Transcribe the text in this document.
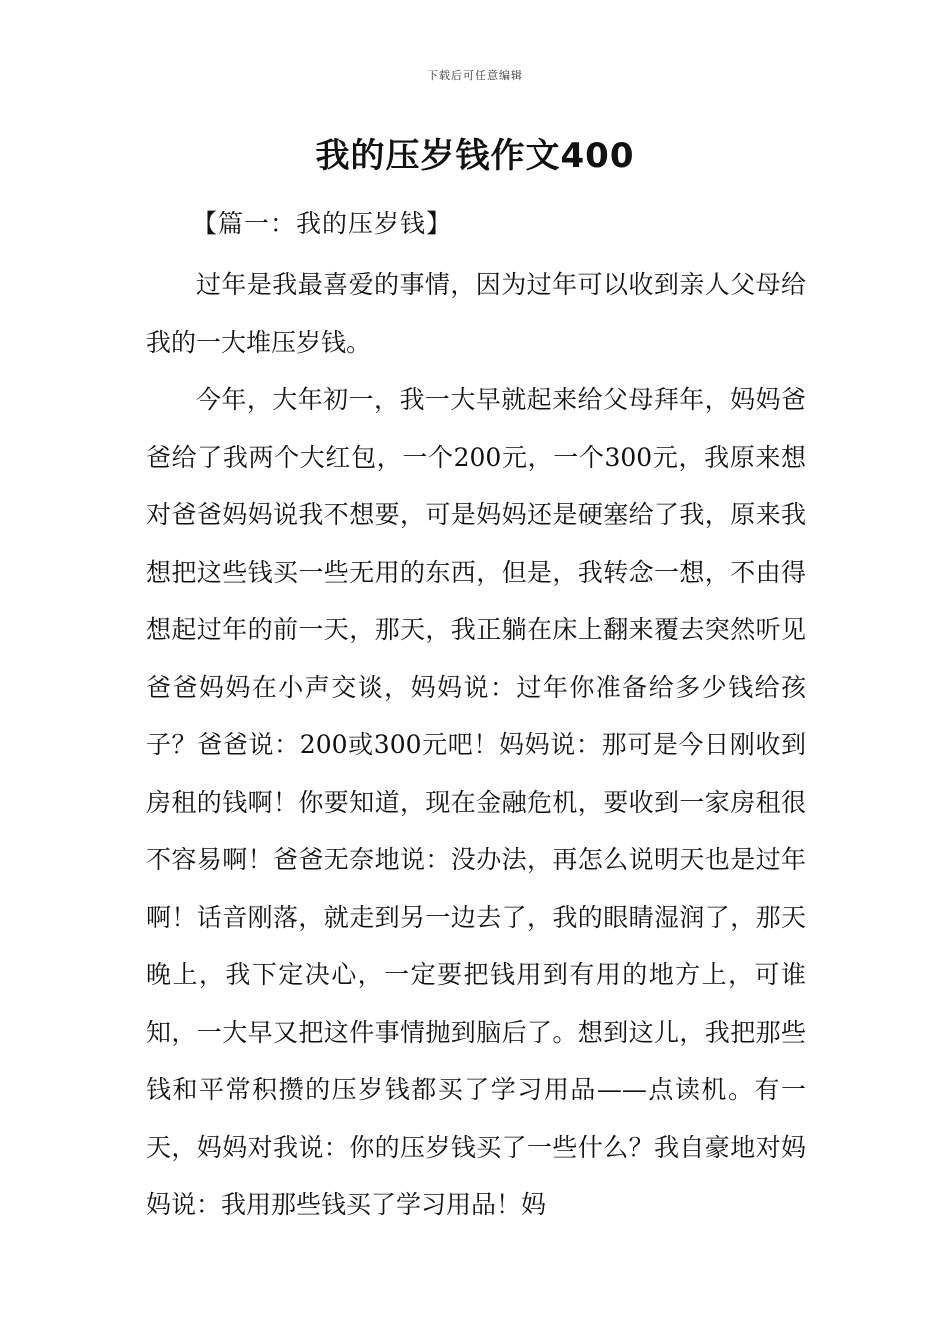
下载后可任意编辑
我的压岁钱作文400
【篇一：我的压岁钱】

过年是我最喜爱的事情，因为过年可以收到亲人父母给我的一大堆压岁钱。

今年，大年初一，我一大早就起来给父母拜年，妈妈爸爸给了我两个大红包，一个200元，一个300元，我原来想对爸爸妈妈说我不想要，可是妈妈还是硬塞给了我，原来我想把这些钱买一些无用的东西，但是，我转念一想，不由得想起过年的前一天，那天，我正躺在床上翻来覆去突然听见爸爸妈妈在小声交谈，妈妈说：过年你准备给多少钱给孩子？爸爸说：200或300元吧！妈妈说：那可是今日刚收到房租的钱啊！你要知道，现在金融危机，要收到一家房租很不容易啊！爸爸无奈地说：没办法，再怎么说明天也是过年啊！话音刚落，就走到另一边去了，我的眼睛湿润了，那天晚上，我下定决心，一定要把钱用到有用的地方上，可谁知，一大早又把这件事情抛到脑后了。想到这儿，我把那些钱和平常积攒的压岁钱都买了学习用品——点读机。有一天，妈妈对我说：你的压岁钱买了一些什么？我自豪地对妈妈说：我用那些钱买了学习用品！妈
